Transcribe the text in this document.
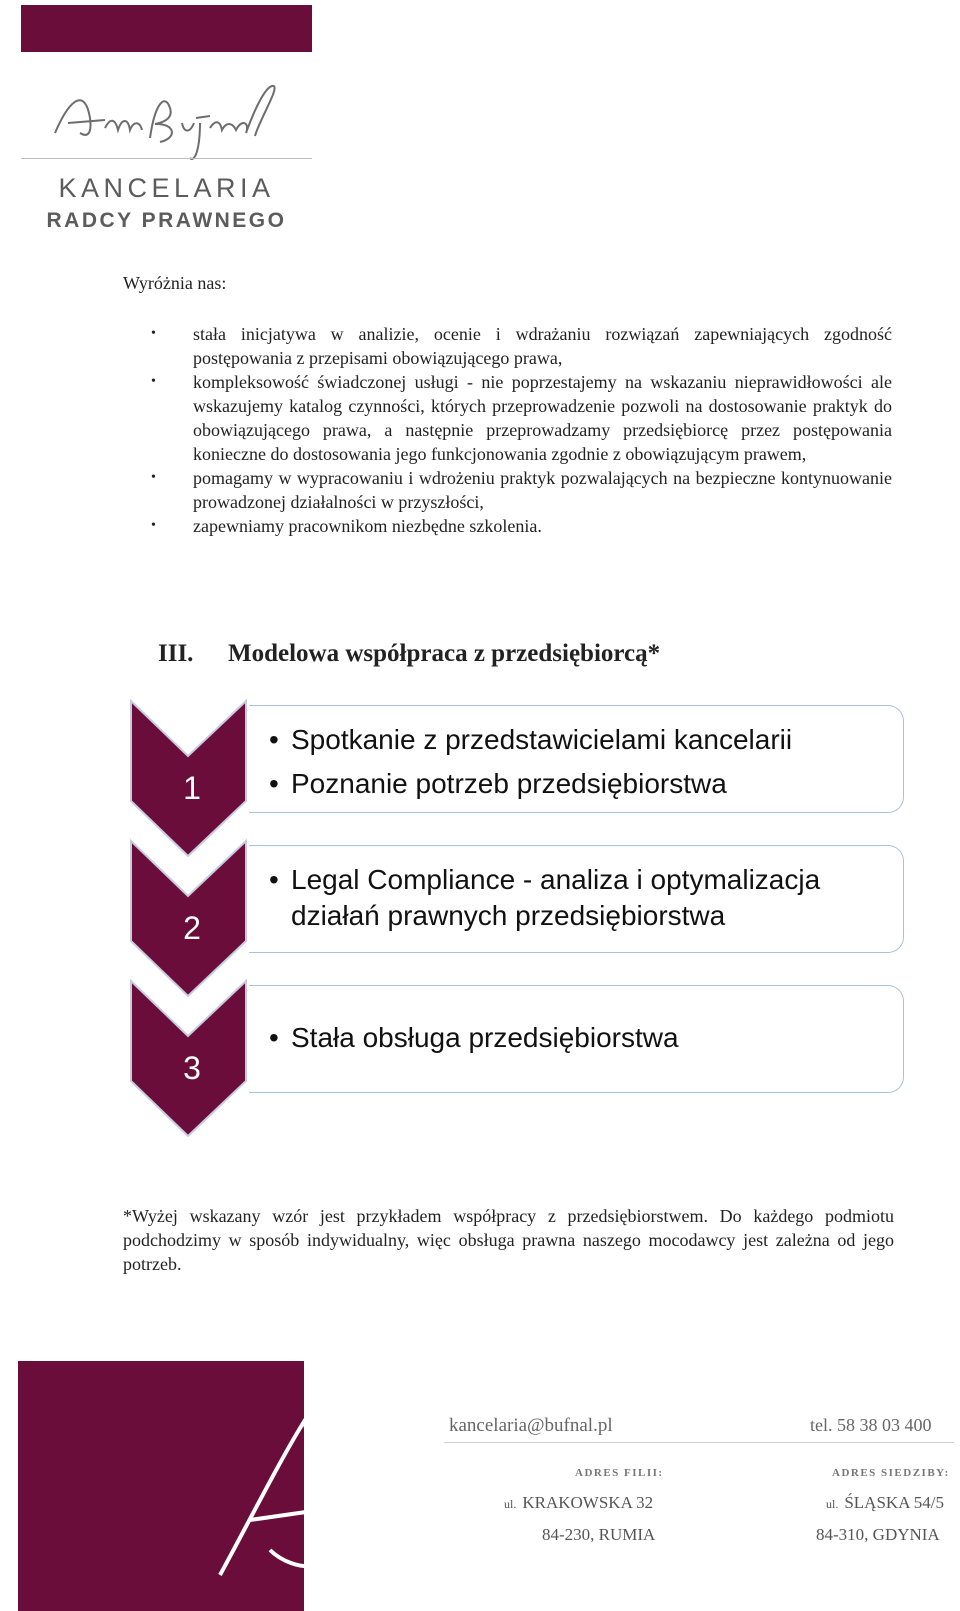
Anna Bufnal
KANCELARIA
RADCY PRAWNEGO
Wyróżnia nas:
• stała inicjatywa w analizie, ocenie i wdrażaniu rozwiązań zapewniających zgodność postępowania z przepisami obowiązującego prawa,
• kompleksowość świadczonej usługi - nie poprzestajemy na wskazaniu nieprawidłowości ale wskazujemy katalog czynności, których przeprowadzenie pozwoli na dostosowanie praktyk do obowiązującego prawa, a następnie przeprowadzamy przedsiębiorcę przez postępowania konieczne do dostosowania jego funkcjonowania zgodnie z obowiązującym prawem,
• pomagamy w wypracowaniu i wdrożeniu praktyk pozwalających na bezpieczne kontynuowanie prowadzonej działalności w przyszłości,
• zapewniamy pracownikom niezbędne szkolenia.
III. Modelowa współpraca z przedsiębiorcą*
1
2
3
• Spotkanie z przedstawicielami kancelarii
• Poznanie potrzeb przedsiębiorstwa
• Legal Compliance - analiza i optymalizacja działań prawnych przedsiębiorstwa
• Stała obsługa przedsiębiorstwa
*Wyżej wskazany wzór jest przykładem współpracy z przedsiębiorstwem. Do każdego podmiotu podchodzimy w sposób indywidualny, więc obsługa prawna naszego mocodawcy jest zależna od jego potrzeb.
kancelaria@bufnal.pl	tel. 58 38 03 400
ADRES FILII:	ADRES SIEDZIBY:
ul. KRAKOWSKA 32
84-230, RUMIA
ul. ŚLĄSKA 54/5
84-310, GDYNIA
